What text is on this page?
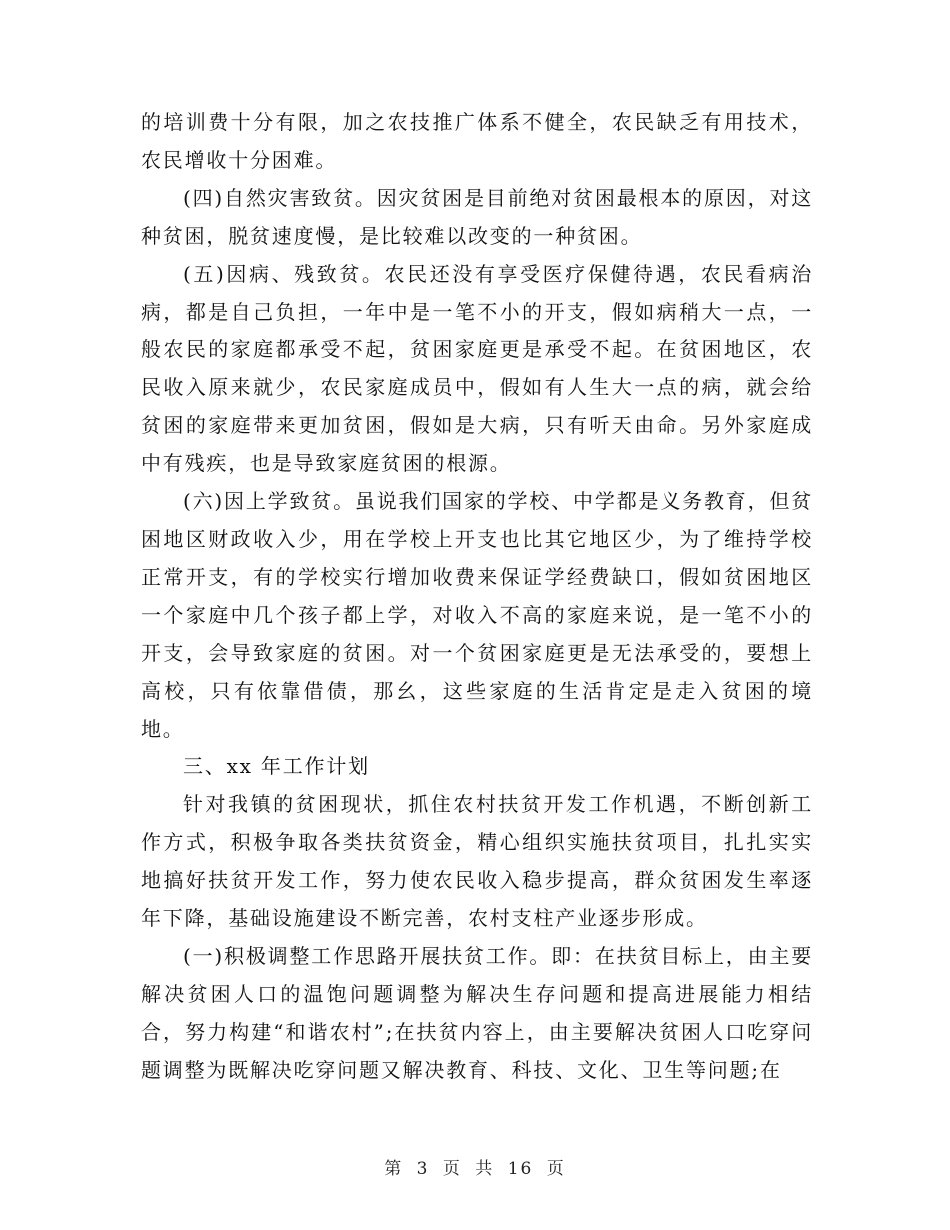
的培训费十分有限，加之农技推广体系不健全，农民缺乏有用技术，农民增收十分困难。

(四)自然灾害致贫。因灾贫困是目前绝对贫困最根本的原因，对这种贫困，脱贫速度慢，是比较难以改变的一种贫困。

(五)因病、残致贫。农民还没有享受医疗保健待遇，农民看病治病，都是自己负担，一年中是一笔不小的开支，假如病稍大一点，一般农民的家庭都承受不起，贫困家庭更是承受不起。在贫困地区，农民收入原来就少，农民家庭成员中，假如有人生大一点的病，就会给贫困的家庭带来更加贫困，假如是大病，只有听天由命。另外家庭成中有残疾，也是导致家庭贫困的根源。

(六)因上学致贫。虽说我们国家的学校、中学都是义务教育，但贫困地区财政收入少，用在学校上开支也比其它地区少，为了维持学校正常开支，有的学校实行增加收费来保证学经费缺口，假如贫困地区一个家庭中几个孩子都上学，对收入不高的家庭来说，是一笔不小的开支，会导致家庭的贫困。对一个贫困家庭更是无法承受的，要想上高校，只有依靠借债，那幺，这些家庭的生活肯定是走入贫困的境地。

三、xx 年工作计划

针对我镇的贫困现状，抓住农村扶贫开发工作机遇，不断创新工作方式，积极争取各类扶贫资金，精心组织实施扶贫项目，扎扎实实地搞好扶贫开发工作，努力使农民收入稳步提高，群众贫困发生率逐年下降，基础设施建设不断完善，农村支柱产业逐步形成。

(一)积极调整工作思路开展扶贫工作。即：在扶贫目标上，由主要解决贫困人口的温饱问题调整为解决生存问题和提高进展能力相结合，努力构建“和谐农村”;在扶贫内容上，由主要解决贫困人口吃穿问题调整为既解决吃穿问题又解决教育、科技、文化、卫生等问题;在

第 3 页 共 16 页
